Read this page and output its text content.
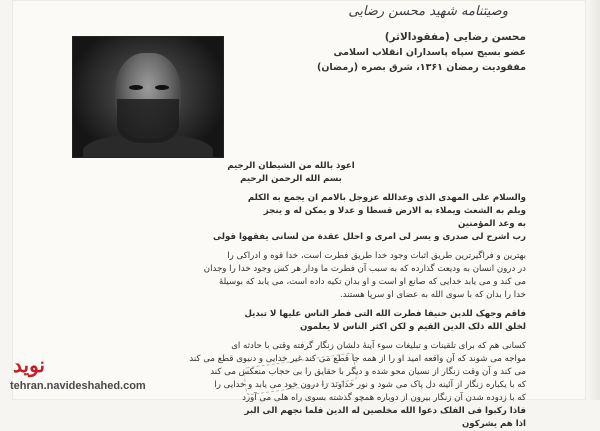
وصیتنامه شهید محسن رضایی
محسن رضایی (مفقودالاثر)
عضو بسیج سپاه پاسداران انقلاب اسلامی
مفقودیت رمضان ۱۳۶۱، شرق بصره (رمضان)
اعوذ بالله من الشیطان الرجیم
بسم الله الرحمن الرحیم
والسلام علی المهدی الذی وعدالله عزوجل بالامم ان یجمع به الکلم
ویلم به الشعث ویملاء به الارض قسطا و عدلا و یمکن له و ینجز
به وعد المؤمنین
رب اشرح لی صدری و یسر لی امری و احلل عقدة من لسانی یفقهوا قولی
بهترین و فراگیرترین طریق اثبات وجود خدا طریق فطرت است، خدا قوه و ادراکی را
در درون انسان به ودیعت گذارده که به سبب آن فطرت ما ودار هر کس وجود خدا را وجدان
می کند و می یابد خدایی که صانع او است و او بدان تکیه داده است، می یابد که بوسیلهٔ
خدا را بدان که با سوی الله به عضای او سرپا هستند.
فاقم وجهک للدین حنیفا فطرت الله التی فطر الناس علیها لا تبدیل
لخلق الله ذلک الدین القیم و لکن اکثر الناس لا یعلمون
کسانی هم که برای تلقینات و تبلیغات سوء آینهٔ دلشان زنگار گرفته وقتی با حادثه ای
مواجه می شوند که آن واقعه امید او را از همه جا قطع می کند غیر خدایی و دنیوی قطع می کند
می کند و آن وقت زنگار از نسیان محو شده و دیگر با حقایق را بی حجاب منعکس می کند
که با یکباره زنگار از آئینه دل پاک می شود و نور خداوند را درون خود می یابد و خدایی را
که با زدوده شدن آن زنگار بیرون از دوباره همچو گذشته بسوی راه هلی می آورد
فاذا رکبوا فی الفلک دعوا الله مخلصین له الدین فلما نجهم الی البر
اذا هم یشرکون
نوید
tehran.navideshahed.com
